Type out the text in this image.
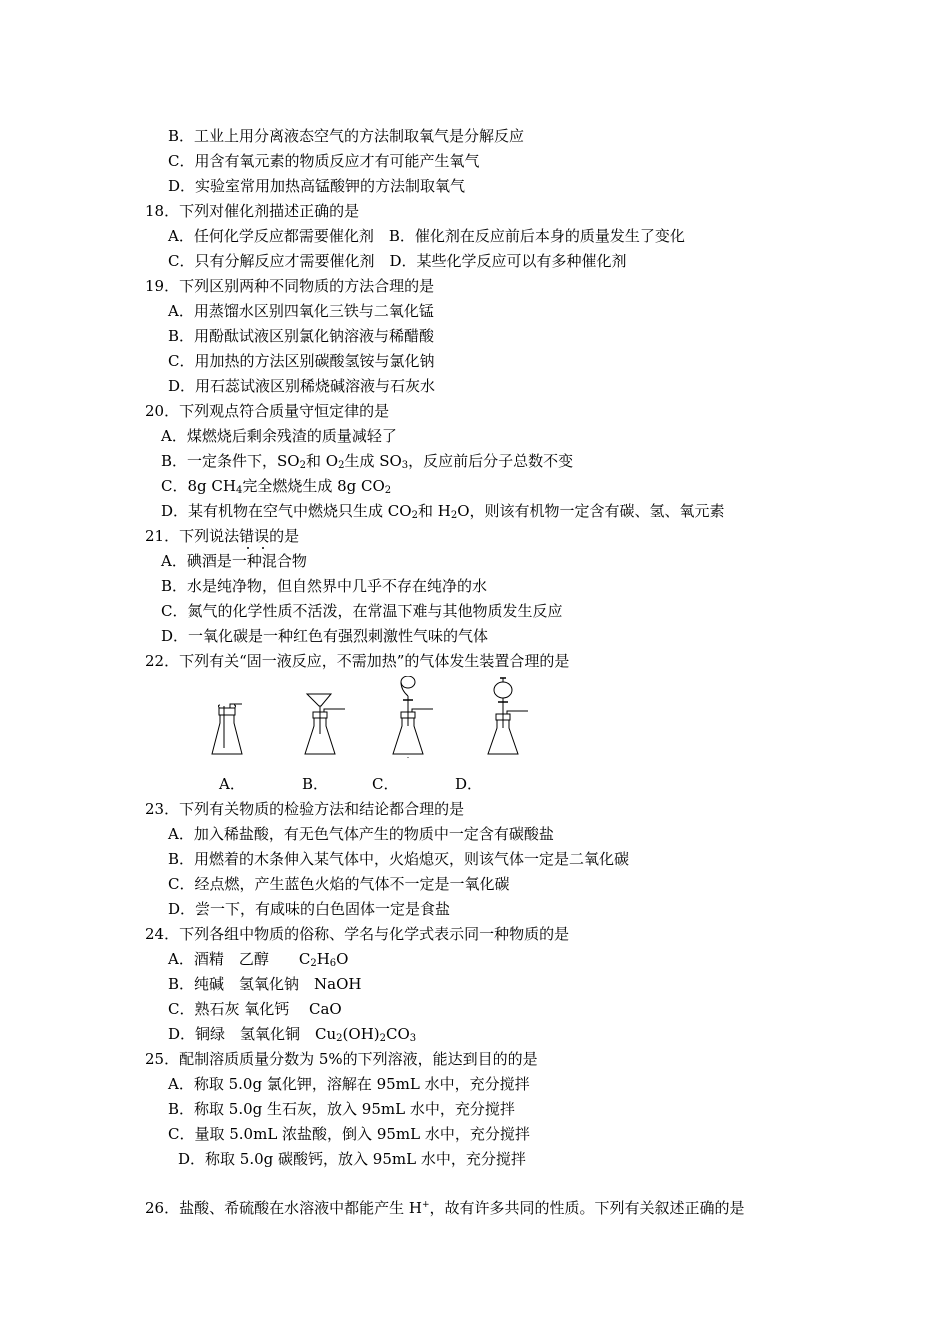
B．工业上用分离液态空气的方法制取氧气是分解反应
C．用含有氧元素的物质反应才有可能产生氧气
D．实验室常用加热高锰酸钾的方法制取氧气
18．下列对催化剂描述正确的是
A．任何化学反应都需要催化剂　B．催化剂在反应前后本身的质量发生了变化
C．只有分解反应才需要催化剂　D．某些化学反应可以有多种催化剂
19．下列区别两种不同物质的方法合理的是
A．用蒸馏水区别四氧化三铁与二氧化锰
B．用酚酞试液区别氯化钠溶液与稀醋酸
C．用加热的方法区别碳酸氢铵与氯化钠
D．用石蕊试液区别稀烧碱溶液与石灰水
20．下列观点符合质量守恒定律的是
A．煤燃烧后剩余残渣的质量减轻了
B．一定条件下，$SO_2$和 $O_2$生成 $SO_3$，反应前后分子总数不变
C．8g $CH_4$完全燃烧生成 8g $CO_2$
D．某有机物在空气中燃烧只生成 $CO_2$和 $H_2O$，则该有机物一定含有碳、氢、氧元素
21．下列说法错误的是
A．碘酒是一种混合物
B．水是纯净物，但自然界中几乎不存在纯净的水
C．氮气的化学性质不活泼，在常温下难与其他物质发生反应
D．一氧化碳是一种红色有强烈刺激性气味的气体
22．下列有关“固一液反应，不需加热”的气体发生装置合理的是
A．	B．	C．	D．
23．下列有关物质的检验方法和结论都合理的是
A．加入稀盐酸，有无色气体产生的物质中一定含有碳酸盐
B．用燃着的木条伸入某气体中，火焰熄灭，则该气体一定是二氧化碳
C．经点燃，产生蓝色火焰的气体不一定是一氧化碳
D．尝一下，有咸味的白色固体一定是食盐
24．下列各组中物质的俗称、学名与化学式表示同一种物质的是
A．酒精　乙醇　　$C_2H_6O$
B．纯碱　氢氧化钠　NaOH
C．熟石灰 氧化钙　 CaO
D．铜绿　氢氧化铜　$Cu_2(OH)_2CO_3$
25．配制溶质质量分数为 5%的下列溶液，能达到目的的是
A．称取 5.0g 氯化钾，溶解在 95mL 水中，充分搅拌
B．称取 5.0g 生石灰，放入 95mL 水中，充分搅拌
C．量取 5.0mL 浓盐酸，倒入 95mL 水中，充分搅拌
D．称取 5.0g 碳酸钙，放入 95mL 水中，充分搅拌
26．盐酸、希硫酸在水溶液中都能产生 H+，故有许多共同的性质。下列有关叙述正确的是
